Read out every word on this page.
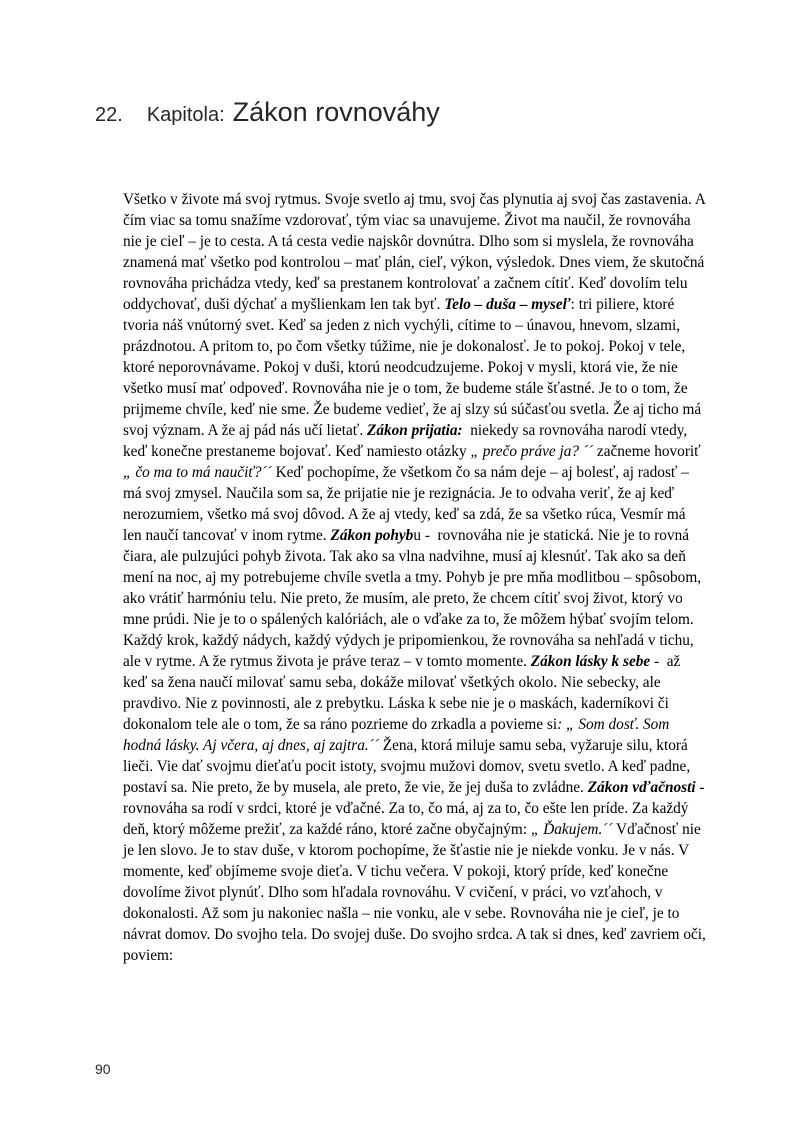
22. Kapitola: Zákon rovnováhy
Všetko v živote má svoj rytmus. Svoje svetlo aj tmu, svoj čas plynutia aj svoj čas zastavenia. A čím viac sa tomu snažíme vzdorovať, tým viac sa unavujeme. Život ma naučil, že rovnováha nie je cieľ – je to cesta. A tá cesta vedie najskôr dovnútra. Dlho som si myslela, že rovnováha znamená mať všetko pod kontrolou – mať plán, cieľ, výkon, výsledok. Dnes viem, že skutočná rovnováha prichádza vtedy, keď sa prestanem kontrolovať a začnem cítiť. Keď dovolím telu oddychovať, duši dýchať a myšlienkam len tak byť. Telo – duša – myseľ: tri piliere, ktoré tvoria náš vnútorný svet. Keď sa jeden z nich vychýli, cítime to – únavou, hnevom, slzami, prázdnotou. A pritom to, po čom všetky túžime, nie je dokonalosť. Je to pokoj. Pokoj v tele, ktoré neporovnávame. Pokoj v duši, ktorú neodcudzujeme. Pokoj v mysli, ktorá vie, že nie všetko musí mať odpoveď. Rovnováha nie je o tom, že budeme stále šťastné. Je to o tom, že prijmeme chvíle, keď nie sme. Že budeme vedieť, že aj slzy sú súčasťou svetla. Že aj ticho má svoj význam. A že aj pád nás učí lietať. Zákon prijatia:  niekedy sa rovnováha narodí vtedy, keď konečne prestaneme bojovať. Keď namiesto otázky „ prečo práve ja? ´´ začneme hovoriť „ čo ma to má naučiť?´´ Keď pochopíme, že všetkom čo sa nám deje – aj bolesť, aj radosť – má svoj zmysel. Naučila som sa, že prijatie nie je rezignácia. Je to odvaha veriť, že aj keď nerozumiem, všetko má svoj dôvod. A že aj vtedy, keď sa zdá, že sa všetko rúca, Vesmír má len naučí tancovať v inom rytme. Zákon pohybu -  rovnováha nie je statická. Nie je to rovná čiara, ale pulzujúci pohyb života. Tak ako sa vlna nadvihne, musí aj klesnúť. Tak ako sa deň mení na noc, aj my potrebujeme chvíle svetla a tmy. Pohyb je pre mňa modlitbou – spôsobom, ako vrátiť harmóniu telu. Nie preto, že musím, ale preto, že chcem cítiť svoj život, ktorý vo mne prúdi. Nie je to o spálených kalóriách, ale o vďake za to, že môžem hýbať svojím telom. Každý krok, každý nádych, každý výdych je pripomienkou, že rovnováha sa nehľadá v tichu, ale v rytme. A že rytmus života je práve teraz – v tomto momente. Zákon lásky k sebe -  až keď sa žena naučí milovať samu seba, dokáže milovať všetkých okolo. Nie sebecky, ale pravdivo. Nie z povinnosti, ale z prebytku. Láska k sebe nie je o maskách, kaderníkovi či dokonalom tele ale o tom, že sa ráno pozrieme do zrkadla a povieme si: „ Som dosť. Som hodná lásky. Aj včera, aj dnes, aj zajtra.´´ Žena, ktorá miluje samu seba, vyžaruje silu, ktorá lieči. Vie dať svojmu dieťaťu pocit istoty, svojmu mužovi domov, svetu svetlo. A keď padne, postaví sa. Nie preto, že by musela, ale preto, že vie, že jej duša to zvládne. Zákon vďačnosti - rovnováha sa rodí v srdci, ktoré je vďačné. Za to, čo má, aj za to, čo ešte len príde. Za každý deň, ktorý môžeme prežiť, za každé ráno, ktoré začne obyčajným: „ Ďakujem.´´ Vďačnosť nie je len slovo. Je to stav duše, v ktorom pochopíme, že šťastie nie je niekde vonku. Je v nás. V momente, keď objímeme svoje dieťa. V tichu večera. V pokoji, ktorý príde, keď konečne dovolíme život plynúť. Dlho som hľadala rovnováhu. V cvičení, v práci, vo vzťahoch, v dokonalosti. Až som ju nakoniec našla – nie vonku, ale v sebe. Rovnováha nie je cieľ, je to návrat domov. Do svojho tela. Do svojej duše. Do svojho srdca. A tak si dnes, keď zavriem oči, poviem:
90
